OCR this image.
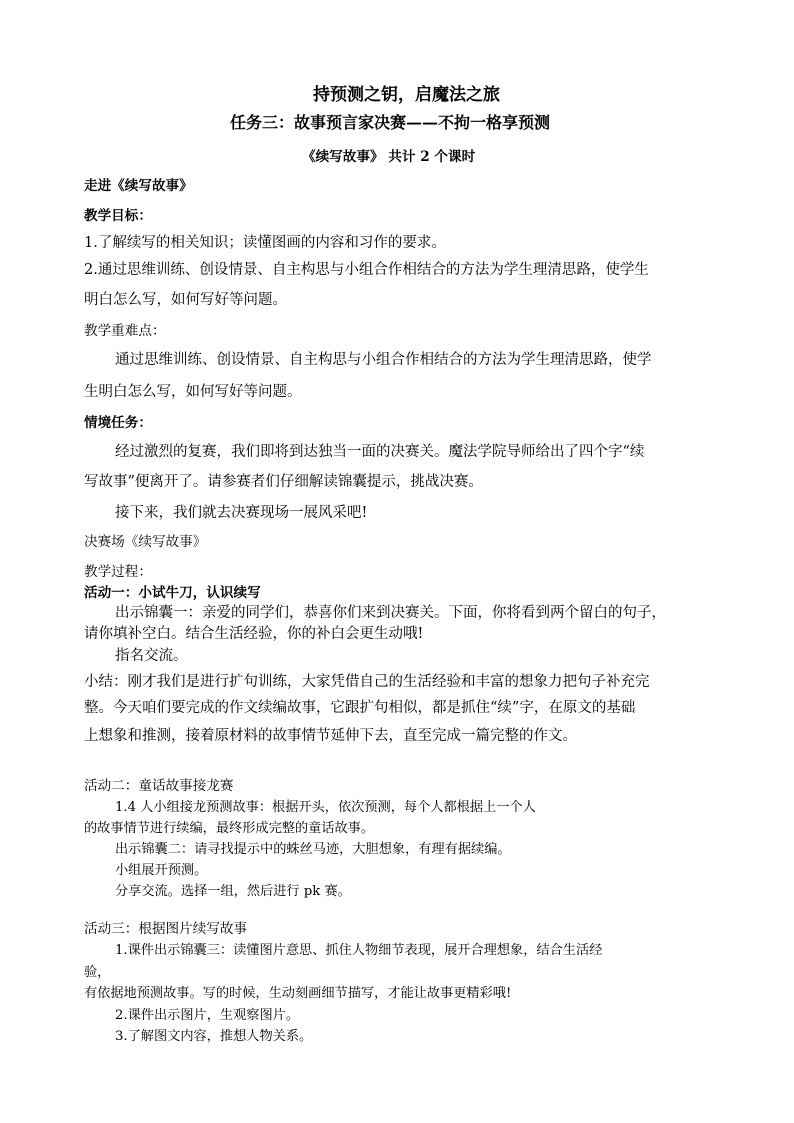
持预测之钥，启魔法之旅
任务三：故事预言家决赛——不拘一格享预测
《续写故事》 共计 2 个课时
走进《续写故事》
教学目标：
1.了解续写的相关知识；读懂图画的内容和习作的要求。
2.通过思维训练、创设情景、自主构思与小组合作相结合的方法为学生理清思路，使学生
明白怎么写，如何写好等问题。
教学重难点：
通过思维训练、创设情景、自主构思与小组合作相结合的方法为学生理清思路，使学
生明白怎么写，如何写好等问题。
情境任务：
经过激烈的复赛，我们即将到达独当一面的决赛关。魔法学院导师给出了四个字“续
写故事”便离开了。请参赛者们仔细解读锦囊提示，挑战决赛。
接下来，我们就去决赛现场一展风采吧!
决赛场《续写故事》
教学过程：
活动一：小试牛刀，认识续写
出示锦囊一：亲爱的同学们，恭喜你们来到决赛关。下面，你将看到两个留白的句子，
请你填补空白。结合生活经验，你的补白会更生动哦!
指名交流。
小结：刚才我们是进行扩句训练，大家凭借自己的生活经验和丰富的想象力把句子补充完
整。今天咱们要完成的作文续编故事，它跟扩句相似，都是抓住“续”字，在原文的基础
上想象和推测，接着原材料的故事情节延伸下去，直至完成一篇完整的作文。
活动二：童话故事接龙赛
1.4 人小组接龙预测故事：根据开头，依次预测，每个人都根据上一个人
的故事情节进行续编，最终形成完整的童话故事。
出示锦囊二：请寻找提示中的蛛丝马迹，大胆想象，有理有据续编。
小组展开预测。
分享交流。选择一组，然后进行 pk 赛。
活动三：根据图片续写故事
1.课件出示锦囊三：读懂图片意思、抓住人物细节表现，展开合理想象，结合生活经
验，
有依据地预测故事。写的时候，生动刻画细节描写，才能让故事更精彩哦!
2.课件出示图片，生观察图片。
3.了解图文内容，推想人物关系。
